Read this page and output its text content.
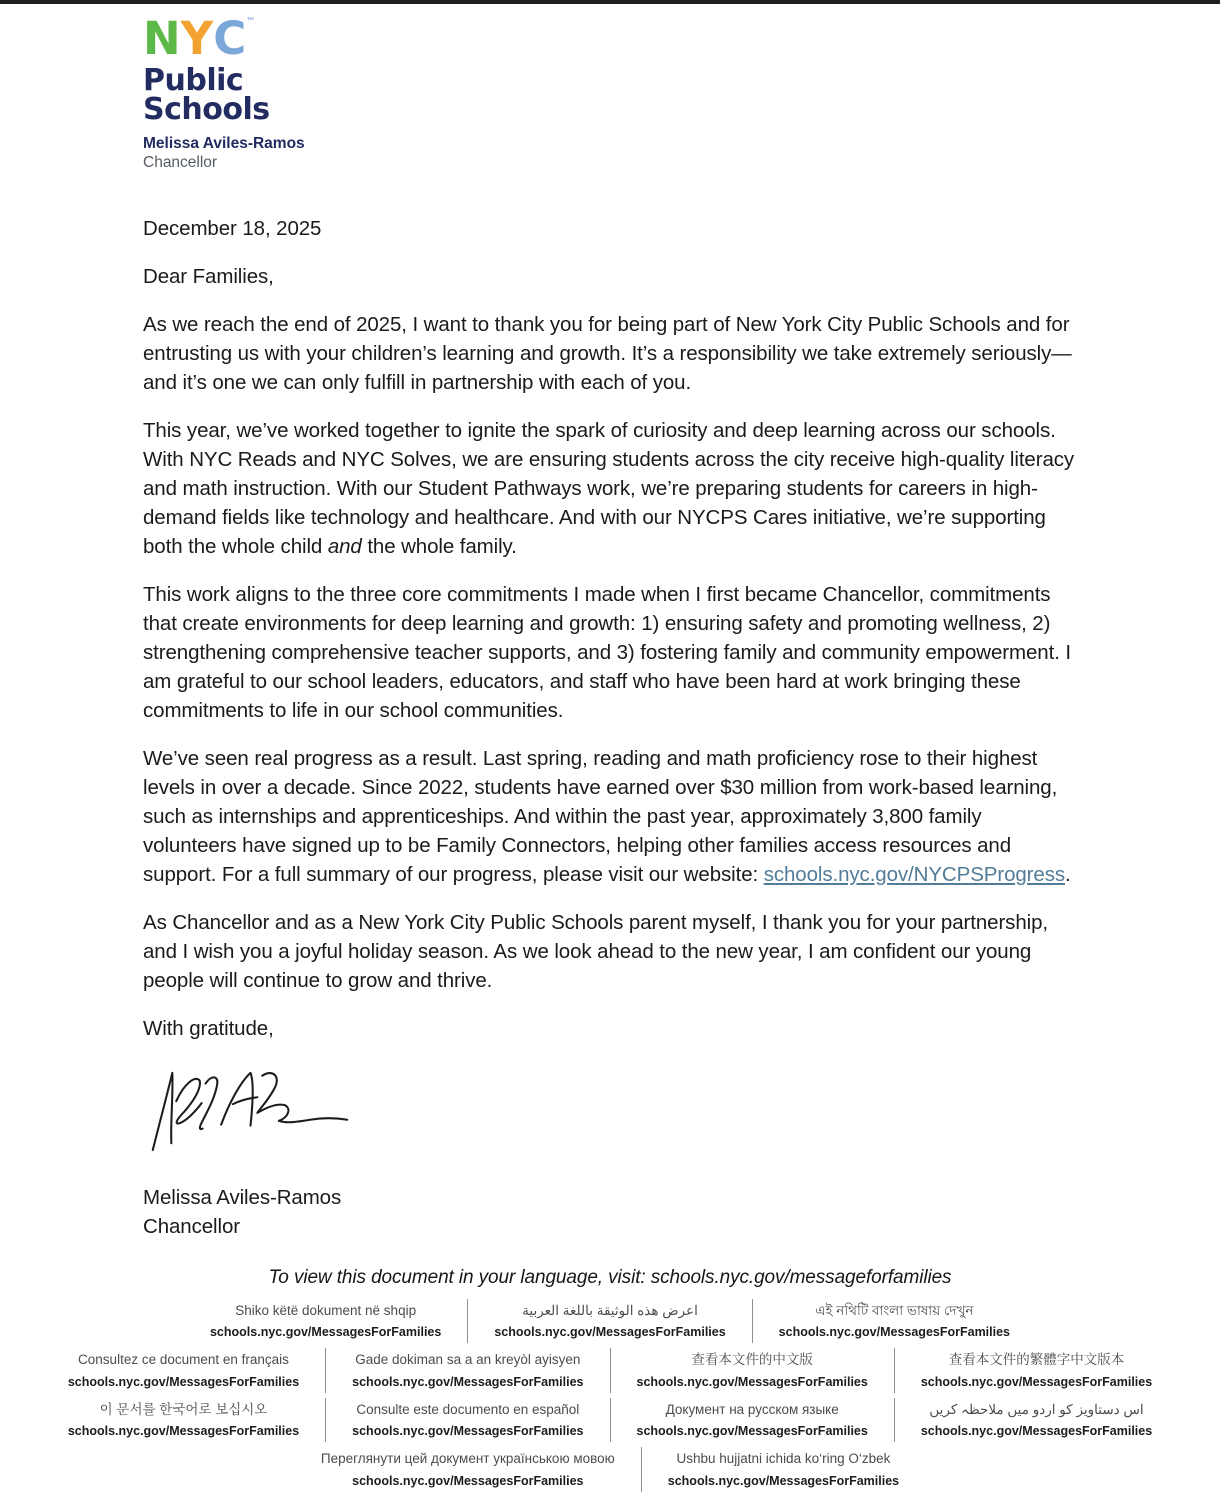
N Y C ™
Public
Schools
Melissa Aviles-Ramos
Chancellor
December 18, 2025

Dear Families,

As we reach the end of 2025, I want to thank you for being part of New York City Public Schools and for entrusting us with your children’s learning and growth. It’s a responsibility we take extremely seriously—and it’s one we can only fulfill in partnership with each of you.

This year, we’ve worked together to ignite the spark of curiosity and deep learning across our schools. With NYC Reads and NYC Solves, we are ensuring students across the city receive high-quality literacy and math instruction. With our Student Pathways work, we’re preparing students for careers in high-demand fields like technology and healthcare. And with our NYCPS Cares initiative, we’re supporting both the whole child and the whole family.

This work aligns to the three core commitments I made when I first became Chancellor, commitments that create environments for deep learning and growth: 1) ensuring safety and promoting wellness, 2) strengthening comprehensive teacher supports, and 3) fostering family and community empowerment. I am grateful to our school leaders, educators, and staff who have been hard at work bringing these commitments to life in our school communities.

We’ve seen real progress as a result. Last spring, reading and math proficiency rose to their highest levels in over a decade. Since 2022, students have earned over $30 million from work-based learning, such as internships and apprenticeships. And within the past year, approximately 3,800 family volunteers have signed up to be Family Connectors, helping other families access resources and support. For a full summary of our progress, please visit our website: schools.nyc.gov/NYCPSProgress.

As Chancellor and as a New York City Public Schools parent myself, I thank you for your partnership, and I wish you a joyful holiday season. As we look ahead to the new year, I am confident our young people will continue to grow and thrive.

With gratitude,

Melissa Aviles-Ramos
Chancellor
To view this document in your language, visit: schools.nyc.gov/messageforfamilies
Shiko këtë dokument në shqip
schools.nyc.gov/MessagesForFamilies
اعرض هذه الوثيقة باللغة العربية
schools.nyc.gov/MessagesForFamilies
এই নথিটি বাংলা ভাষায় দেখুন
schools.nyc.gov/MessagesForFamilies
Consultez ce document en français
schools.nyc.gov/MessagesForFamilies
Gade dokiman sa a an kreyòl ayisyen
schools.nyc.gov/MessagesForFamilies
查看本文件的中文版
schools.nyc.gov/MessagesForFamilies
查看本文件的繁體字中文版本
schools.nyc.gov/MessagesForFamilies
이 문서를 한국어로 보십시오
schools.nyc.gov/MessagesForFamilies
Consulte este documento en español
schools.nyc.gov/MessagesForFamilies
Документ на русском языке
schools.nyc.gov/MessagesForFamilies
اس دستاویز کو اردو میں ملاحظہ کریں
schools.nyc.gov/MessagesForFamilies
Переглянути цей документ українською мовою
schools.nyc.gov/MessagesForFamilies
Ushbu hujjatni ichida ko‘ring O‘zbek
schools.nyc.gov/MessagesForFamilies
